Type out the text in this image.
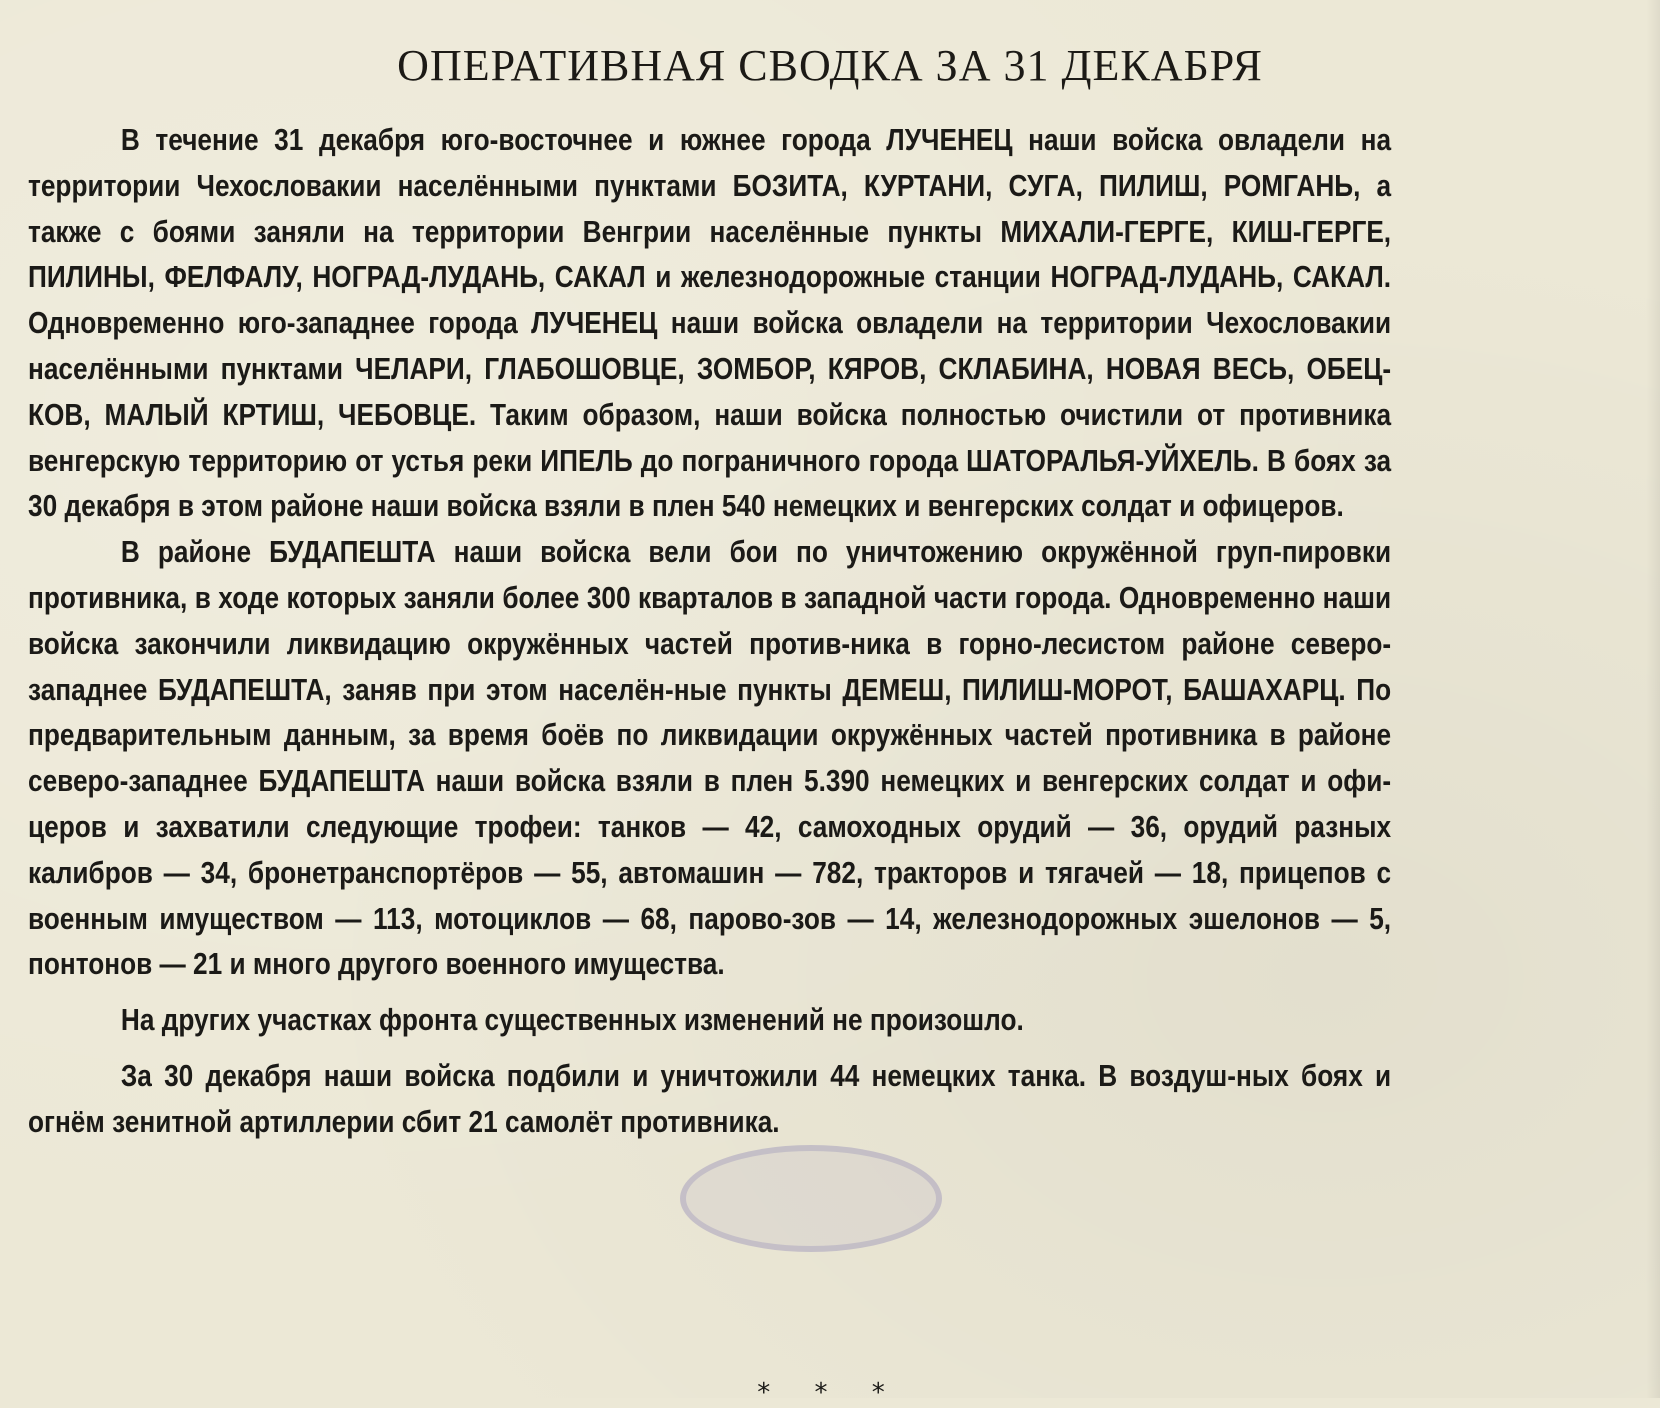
ОПЕРАТИВНАЯ СВОДКА ЗА 31 ДЕКАБРЯ

В течение 31 декабря юго-восточнее и южнее города ЛУЧЕНЕЦ наши войска овладели на территории Чехословакии населёнными пунктами БОЗИТА, КУРТАНИ, СУГА, ПИЛИШ, РОМГАНЬ, а также с боями заняли на территории Венгрии населённые пункты МИХАЛИ-ГЕРГЕ, КИШ-ГЕРГЕ, ПИЛИНЫ, ФЕЛФАЛУ, НОГРАД-ЛУДАНЬ, САКАЛ и железнодорожные станции НОГРАД-ЛУДАНЬ, САКАЛ. Одновременно юго-западнее города ЛУЧЕНЕЦ наши войска овладели на территории Чехословакии населёнными пунктами ЧЕЛАРИ, ГЛАБОШОВЦЕ, ЗОМБОР, КЯРОВ, СКЛАБИНА, НОВАЯ ВЕСЬ, ОБЕЦ-КОВ, МАЛЫЙ КРТИШ, ЧЕБОВЦЕ. Таким образом, наши войска полностью очистили от противника венгерскую территорию от устья реки ИПЕЛЬ до пограничного города ШАТОРАЛЬЯ-УЙХЕЛЬ. В боях за 30 декабря в этом районе наши войска взяли в плен 540 немецких и венгерских солдат и офицеров.

В районе БУДАПЕШТА наши войска вели бои по уничтожению окружённой груп-пировки противника, в ходе которых заняли более 300 кварталов в западной части города. Одновременно наши войска закончили ликвидацию окружённых частей против-ника в горно-лесистом районе северо-западнее БУДАПЕШТА, заняв при этом населён-ные пункты ДЕМЕШ, ПИЛИШ-МОРОТ, БАШАХАРЦ. По предварительным данным, за время боёв по ликвидации окружённых частей противника в районе северо-западнее БУДАПЕШТА наши войска взяли в плен 5.390 немецких и венгерских солдат и офи-церов и захватили следующие трофеи: танков — 42, самоходных орудий — 36, орудий разных калибров — 34, бронетранспортёров — 55, автомашин — 782, тракторов и тягачей — 18, прицепов с военным имуществом — 113, мотоциклов — 68, парово-зов — 14, железнодорожных эшелонов — 5, понтонов — 21 и много другого военного имущества.

На других участках фронта существенных изменений не произошло.

За 30 декабря наши войска подбили и уничтожили 44 немецких танка. В воздуш-ных боях и огнём зенитной артиллерии сбит 21 самолёт противника.

* * *
